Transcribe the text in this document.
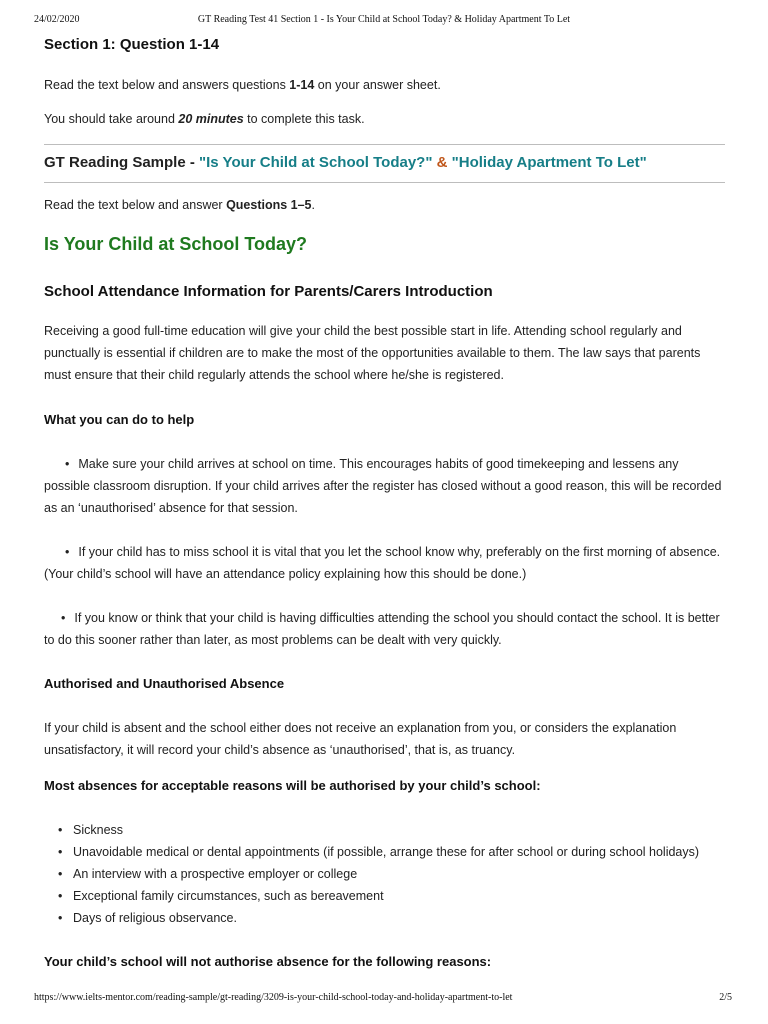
24/02/2020	GT Reading Test 41 Section 1 - Is Your Child at School Today? & Holiday Apartment To Let
Section 1: Question 1-14

Read the text below and answers questions 1-14 on your answer sheet.

You should take around 20 minutes to complete this task.

GT Reading Sample - "Is Your Child at School Today?" & "Holiday Apartment To Let"

Read the text below and answer Questions 1–5.

Is Your Child at School Today?
School Attendance Information for Parents/Carers Introduction

Receiving a good full-time education will give your child the best possible start in life. Attending school regularly and punctually is essential if children are to make the most of the opportunities available to them. The law says that parents must ensure that their child regularly attends the school where he/she is registered.

What you can do to help

• Make sure your child arrives at school on time. This encourages habits of good timekeeping and lessens any possible classroom disruption. If your child arrives after the register has closed without a good reason, this will be recorded as an ‘unauthorised’ absence for that session.

• If your child has to miss school it is vital that you let the school know why, preferably on the first morning of absence. (Your child’s school will have an attendance policy explaining how this should be done.)

• If you know or think that your child is having difficulties attending the school you should contact the school. It is better to do this sooner rather than later, as most problems can be dealt with very quickly.

Authorised and Unauthorised Absence

If your child is absent and the school either does not receive an explanation from you, or considers the explanation unsatisfactory, it will record your child’s absence as ‘unauthorised’, that is, as truancy.

Most absences for acceptable reasons will be authorised by your child’s school:
• Sickness
• Unavoidable medical or dental appointments (if possible, arrange these for after school or during school holidays)
• An interview with a prospective employer or college
• Exceptional family circumstances, such as bereavement
• Days of religious observance.
Your child’s school will not authorise absence for the following reasons:
https://www.ielts-mentor.com/reading-sample/gt-reading/3209-is-your-child-school-today-and-holiday-apartment-to-let	2/5
